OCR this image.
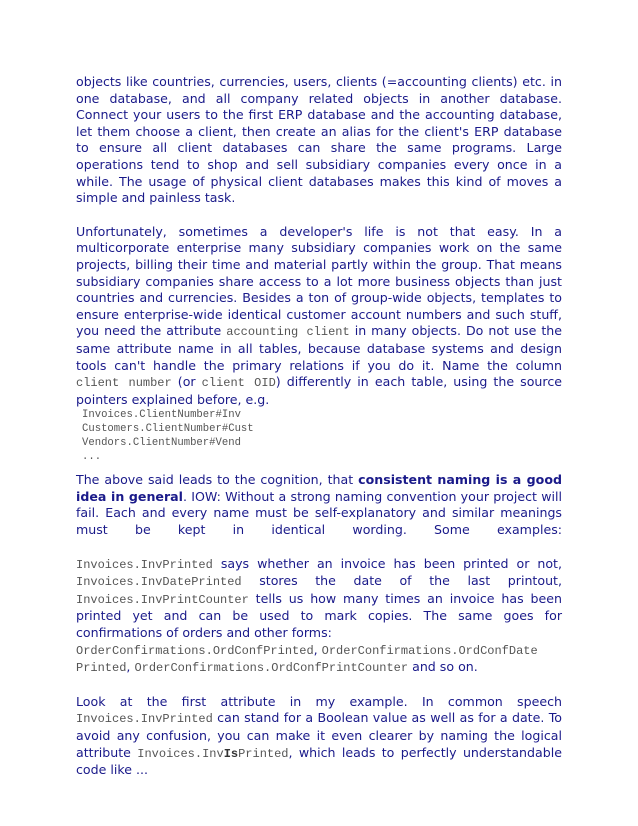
objects like countries, currencies, users, clients (=accounting clients) etc. in one database, and all company related objects in another database. Connect your users to the first ERP database and the accounting database, let them choose a client, then create an alias for the client's ERP database to ensure all client databases can share the same programs. Large operations tend to shop and sell subsidiary companies every once in a while. The usage of physical client databases makes this kind of moves a simple and painless task.

Unfortunately, sometimes a developer's life is not that easy. In a multicorporate enterprise many subsidiary companies work on the same projects, billing their time and material partly within the group. That means subsidiary companies share access to a lot more business objects than just countries and currencies. Besides a ton of group-wide objects, templates to ensure enterprise-wide identical customer account numbers and such stuff, you need the attribute accounting client in many objects. Do not use the same attribute name in all tables, because database systems and design tools can't handle the primary relations if you do it. Name the column client number (or client OID) differently in each table, using the source pointers explained before, e.g.

Invoices.ClientNumber#Inv
Customers.ClientNumber#Cust
Vendors.ClientNumber#Vend
...

The above said leads to the cognition, that consistent naming is a good idea in general. IOW: Without a strong naming convention your project will fail. Each and every name must be self-explanatory and similar meanings must be kept in identical wording. Some examples:

Invoices.InvPrinted says whether an invoice has been printed or not, Invoices.InvDatePrinted stores the date of the last printout, Invoices.InvPrintCounter tells us how many times an invoice has been printed yet and can be used to mark copies. The same goes for confirmations of orders and other forms:
OrderConfirmations.OrdConfPrinted, OrderConfirmations.OrdConfDate
Printed, OrderConfirmations.OrdConfPrintCounter and so on.

Look at the first attribute in my example. In common speech Invoices.InvPrinted can stand for a Boolean value as well as for a date. To avoid any confusion, you can make it even clearer by naming the logical attribute Invoices.InvIsPrinted, which leads to perfectly understandable code like ...
